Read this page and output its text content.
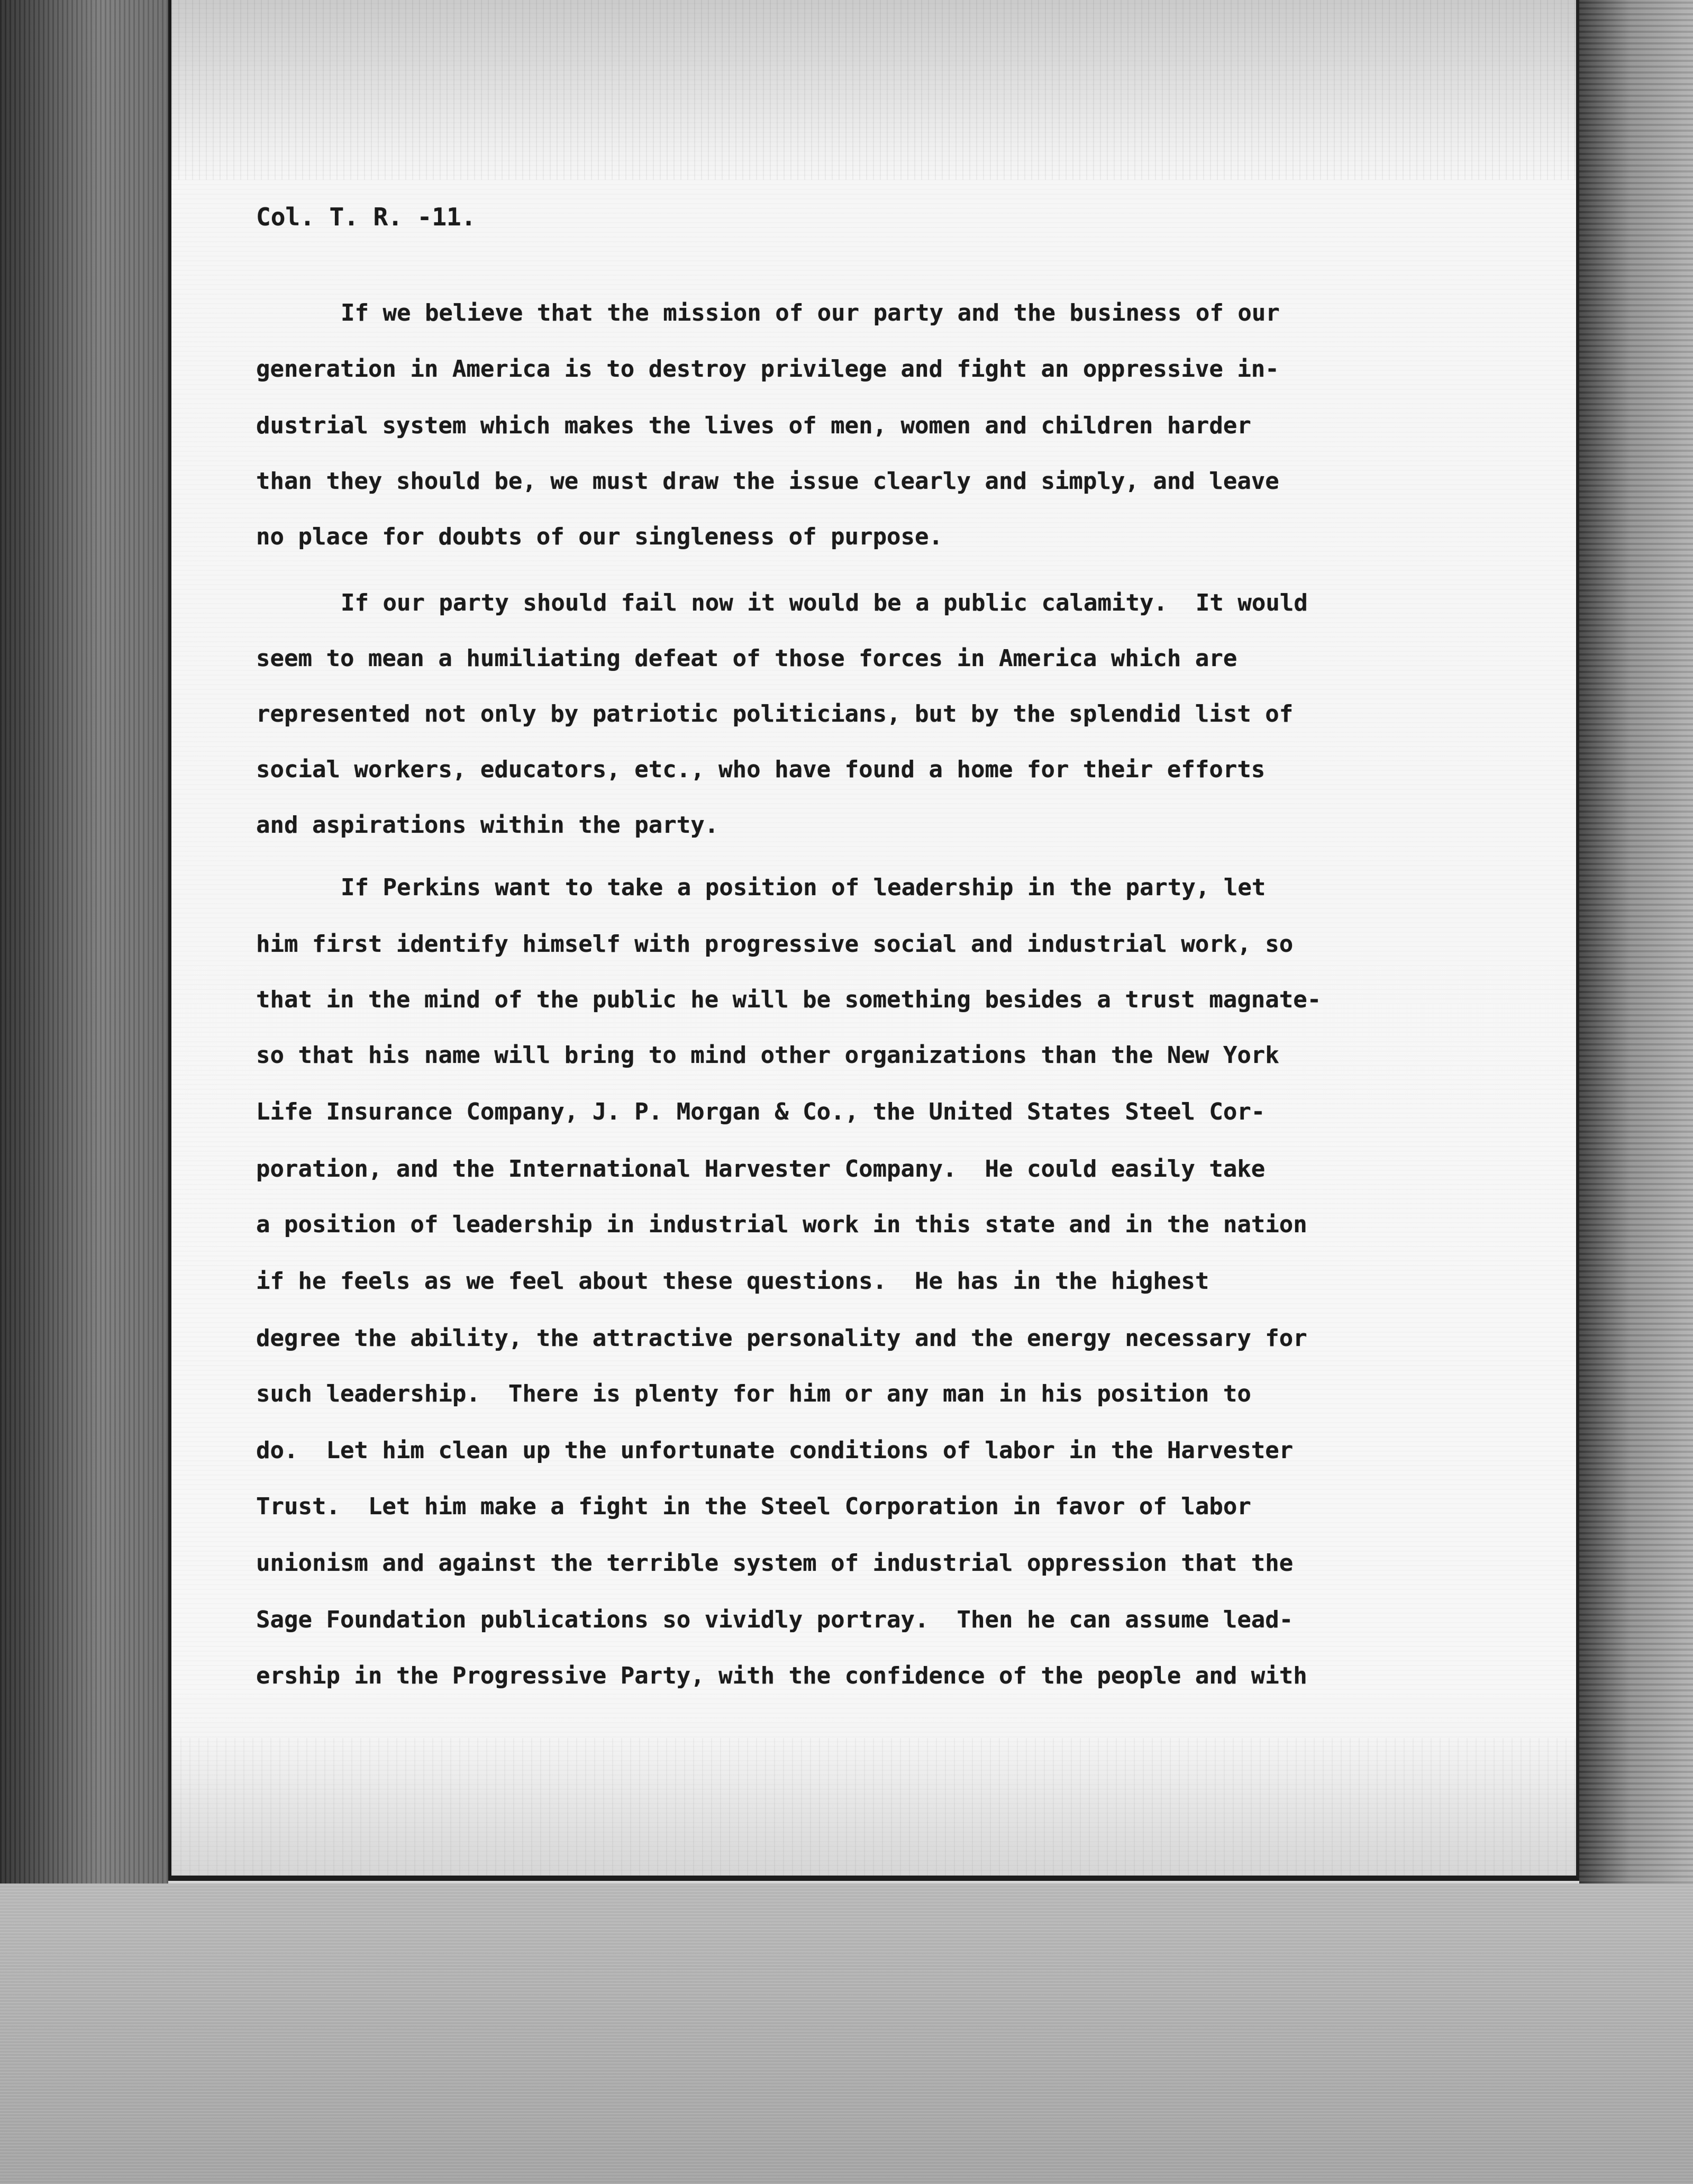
Col. T. R. -11.
If we believe that the mission of our party and the business of our
generation in America is to destroy privilege and fight an oppressive in-
dustrial system which makes the lives of men, women and children harder
than they should be, we must draw the issue clearly and simply, and leave
no place for doubts of our singleness of purpose.
If our party should fail now it would be a public calamity.  It would
seem to mean a humiliating defeat of those forces in America which are
represented not only by patriotic politicians, but by the splendid list of
social workers, educators, etc., who have found a home for their efforts
and aspirations within the party.
If Perkins want to take a position of leadership in the party, let
him first identify himself with progressive social and industrial work, so
that in the mind of the public he will be something besides a trust magnate-
so that his name will bring to mind other organizations than the New York
Life Insurance Company, J. P. Morgan & Co., the United States Steel Cor-
poration, and the International Harvester Company.  He could easily take
a position of leadership in industrial work in this state and in the nation
if he feels as we feel about these questions.  He has in the highest
degree the ability, the attractive personality and the energy necessary for
such leadership.  There is plenty for him or any man in his position to
do.  Let him clean up the unfortunate conditions of labor in the Harvester
Trust.  Let him make a fight in the Steel Corporation in favor of labor
unionism and against the terrible system of industrial oppression that the
Sage Foundation publications so vividly portray.  Then he can assume lead-
ership in the Progressive Party, with the confidence of the people and with
